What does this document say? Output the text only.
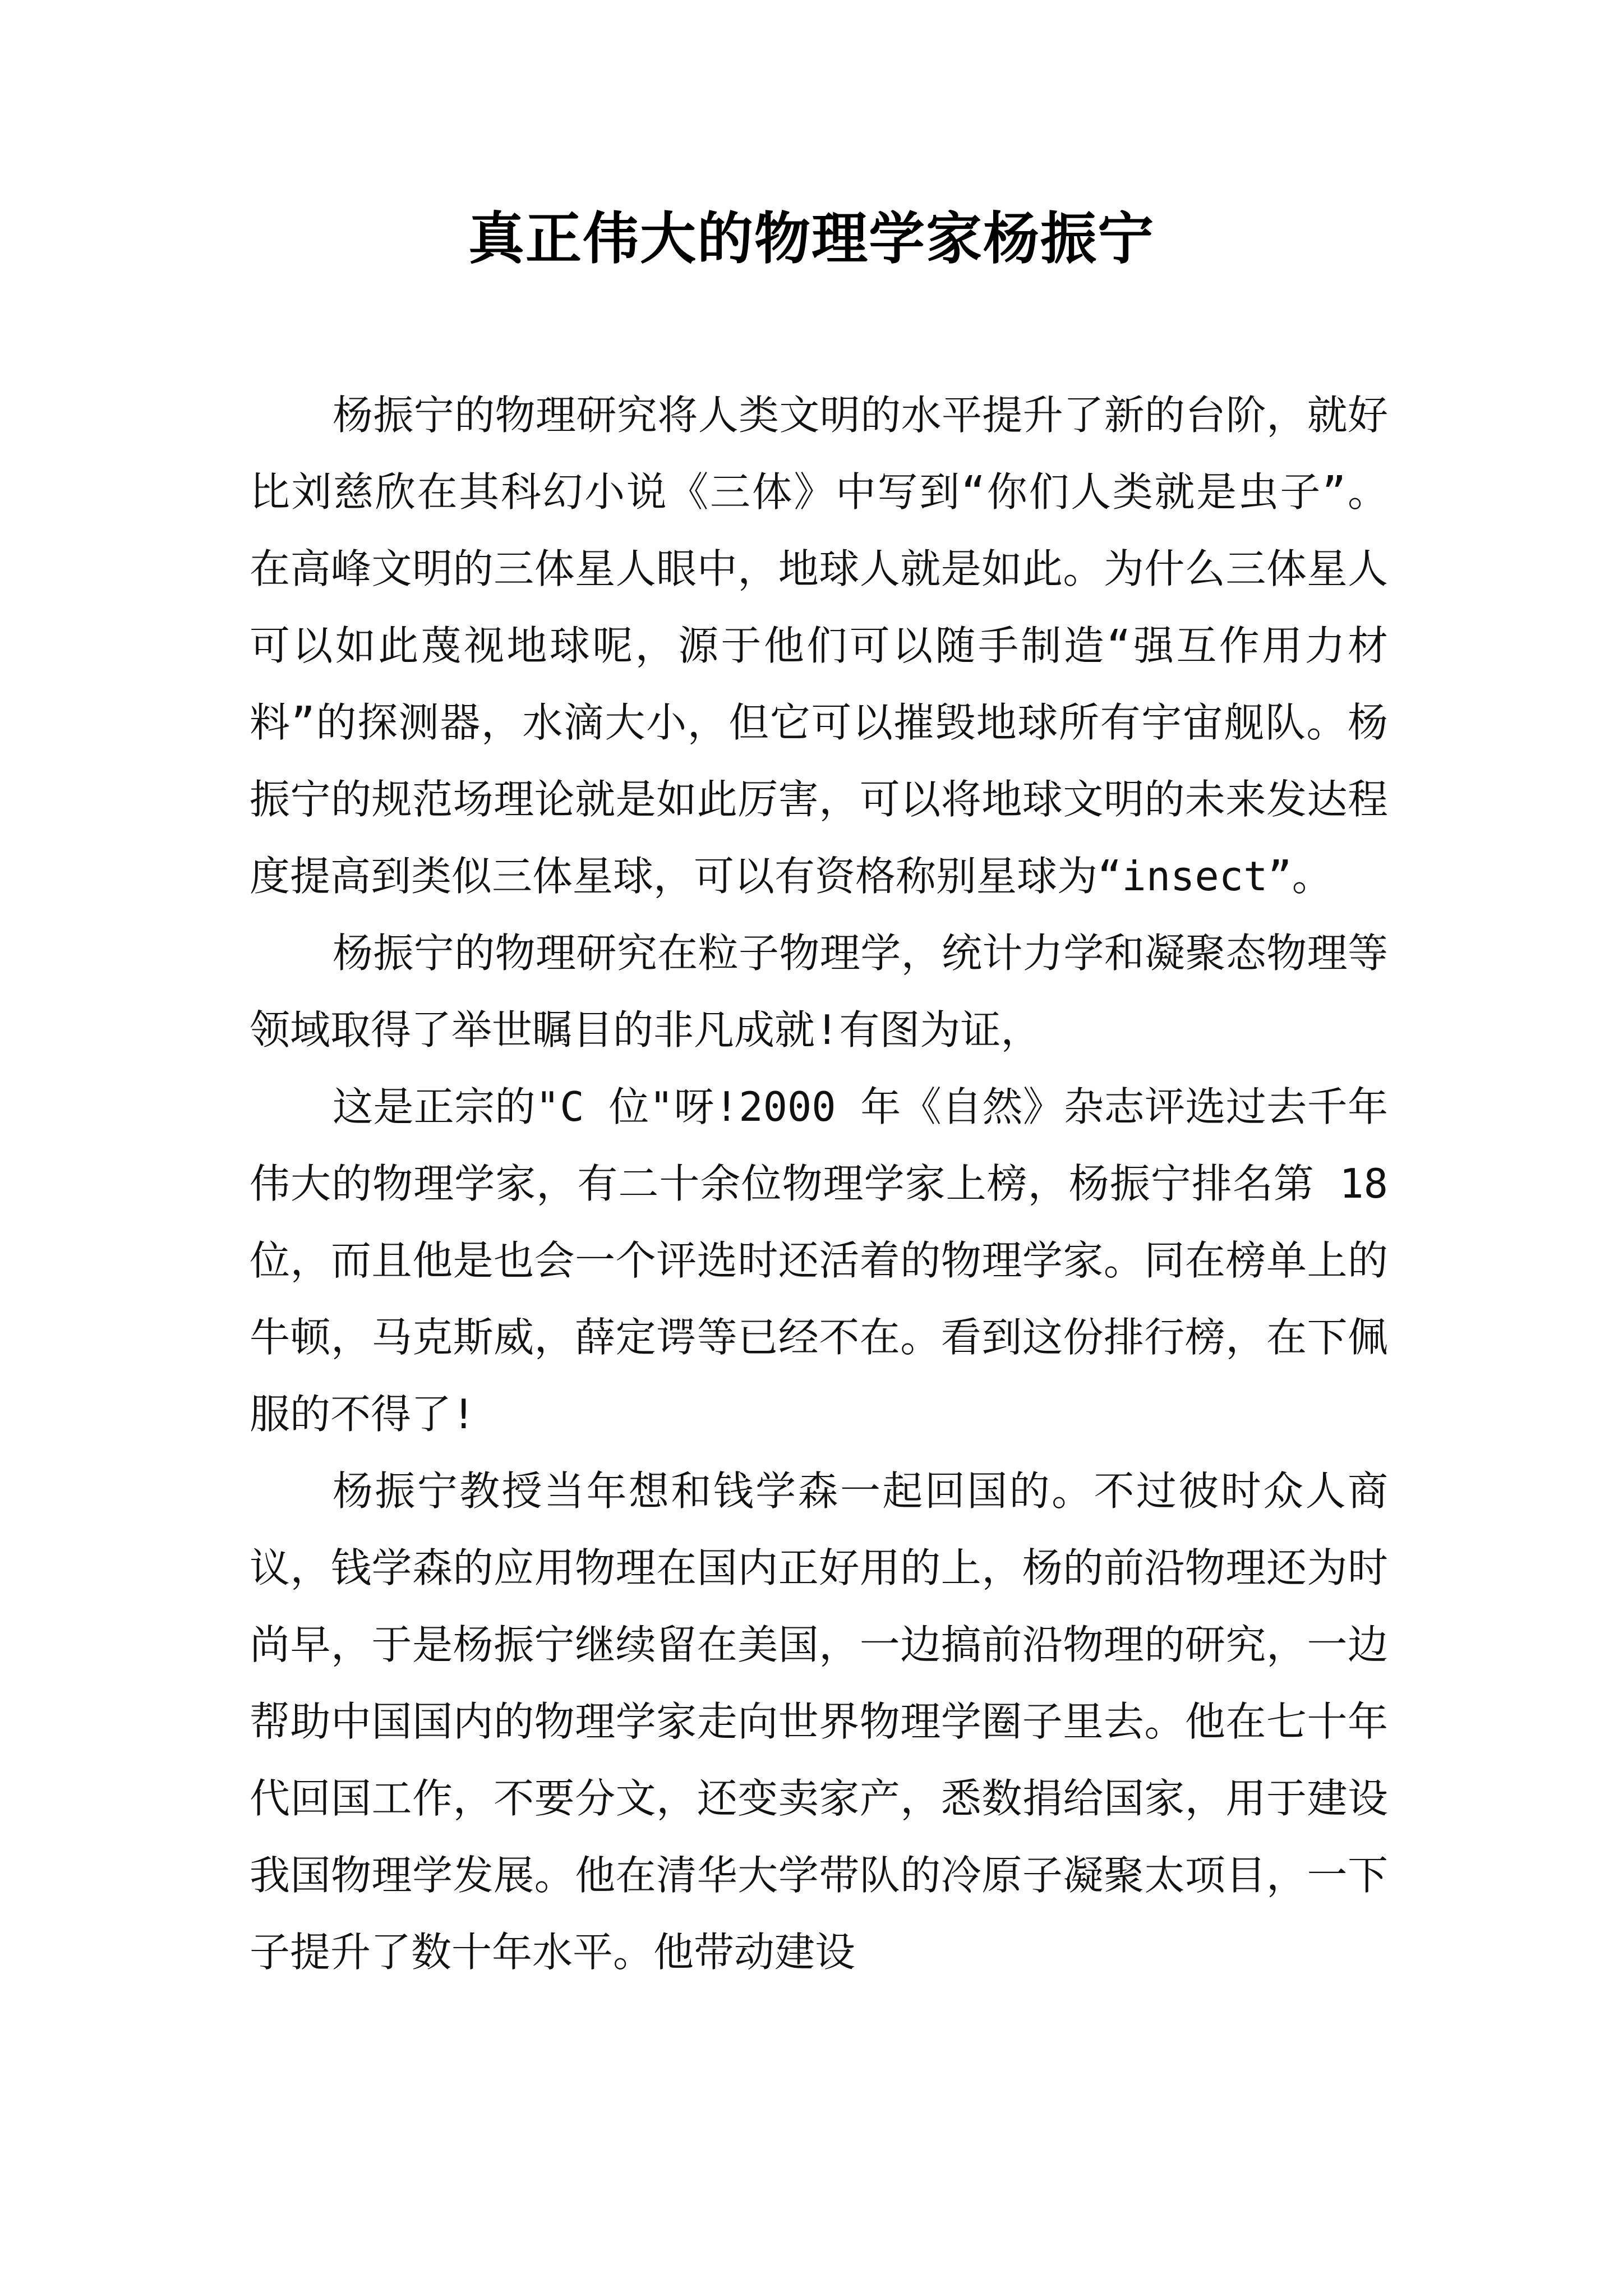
真正伟大的物理学家杨振宁

杨振宁的物理研究将人类文明的水平提升了新的台阶，就好比刘慈欣在其科幻小说《三体》中写到“你们人类就是虫子”。在高峰文明的三体星人眼中，地球人就是如此。为什么三体星人可以如此蔑视地球呢，源于他们可以随手制造“强互作用力材料”的探测器，水滴大小，但它可以摧毁地球所有宇宙舰队。杨振宁的规范场理论就是如此厉害，可以将地球文明的未来发达程度提高到类似三体星球，可以有资格称别星球为“insect”。

杨振宁的物理研究在粒子物理学，统计力学和凝聚态物理等领域取得了举世瞩目的非凡成就!有图为证，

这是正宗的"C 位"呀!2000 年《自然》杂志评选过去千年伟大的物理学家，有二十余位物理学家上榜，杨振宁排名第 18 位，而且他是也会一个评选时还活着的物理学家。同在榜单上的牛顿，马克斯威，薛定谔等已经不在。看到这份排行榜，在下佩服的不得了!

杨振宁教授当年想和钱学森一起回国的。不过彼时众人商议，钱学森的应用物理在国内正好用的上，杨的前沿物理还为时尚早，于是杨振宁继续留在美国，一边搞前沿物理的研究，一边帮助中国国内的物理学家走向世界物理学圈子里去。他在七十年代回国工作，不要分文，还变卖家产，悉数捐给国家，用于建设我国物理学发展。他在清华大学带队的冷原子凝聚太项目，一下子提升了数十年水平。他带动建设
